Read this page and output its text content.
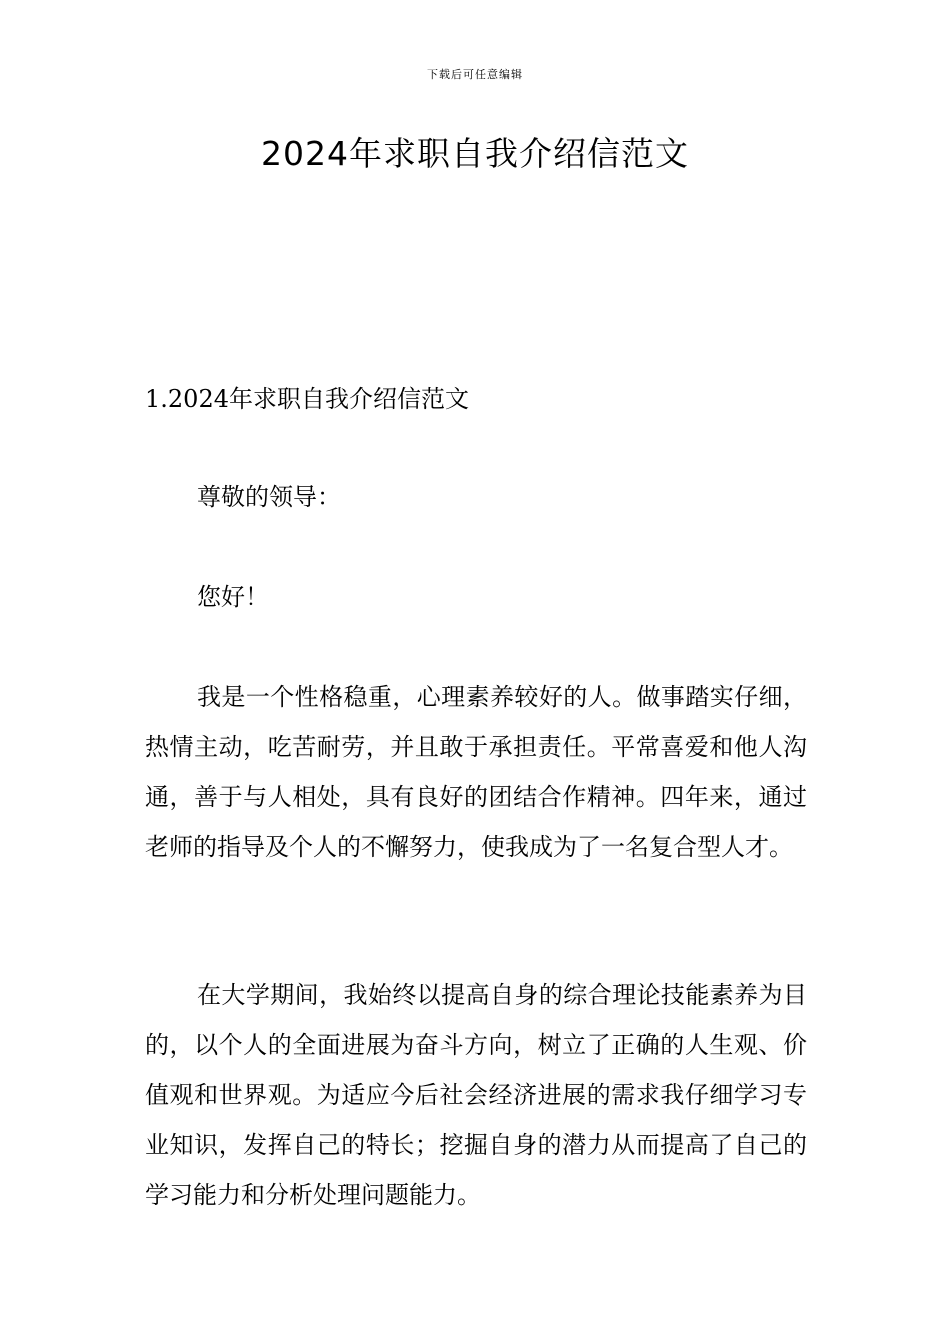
下载后可任意编辑
2024年求职自我介绍信范文

1.2024年求职自我介绍信范文

尊敬的领导：

您好！

我是一个性格稳重，心理素养较好的人。做事踏实仔细，热情主动，吃苦耐劳，并且敢于承担责任。平常喜爱和他人沟通，善于与人相处，具有良好的团结合作精神。四年来，通过老师的指导及个人的不懈努力，使我成为了一名复合型人才。

在大学期间，我始终以提高自身的综合理论技能素养为目的，以个人的全面进展为奋斗方向，树立了正确的人生观、价值观和世界观。为适应今后社会经济进展的需求我仔细学习专业知识，发挥自己的特长；挖掘自身的潜力从而提高了自己的学习能力和分析处理问题能力。
